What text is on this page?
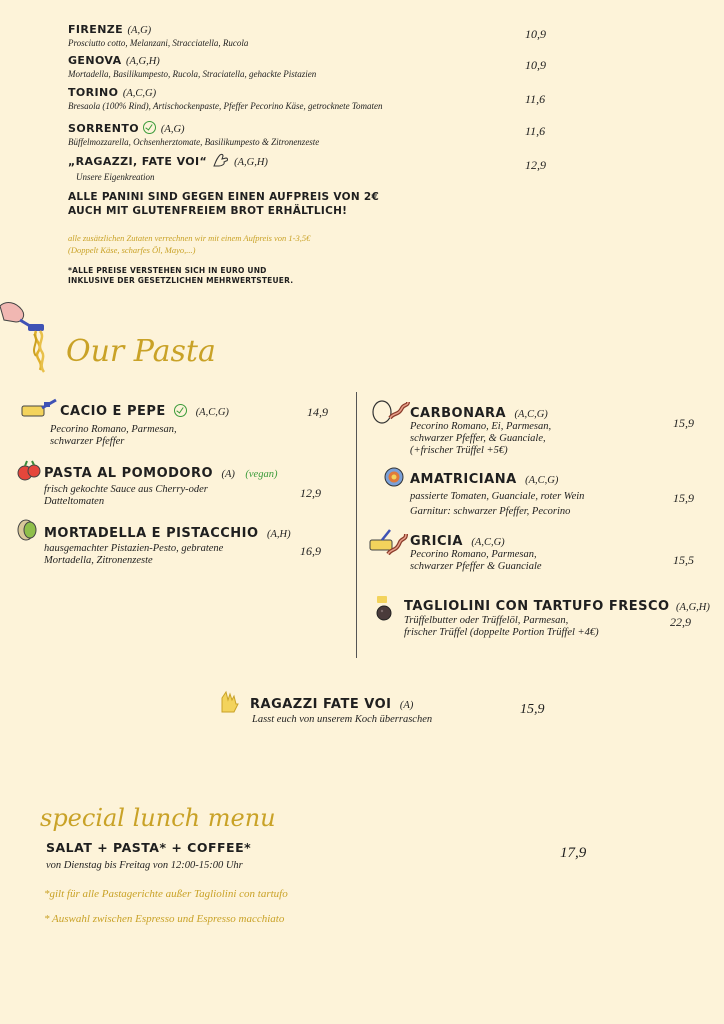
FIRENZE (A,G)
Prosciutto cotto, Melanzani, Stracciatella, Rucola
10,9
GENOVA (A,G,H)
Mortadella, Basilikumpesto, Rucola, Straciatella, gehackte Pistazien
10,9
TORINO (A,C,G)
Bresaola (100% Rind), Artischockenpaste, Pfeffer Pecorino Käse, getrocknete Tomaten	11,6
SORRENTO (A,G)
Büffelmozzarella, Ochsenherztomate, Basilikumpesto & Zitronenzeste
11,6
„RAGAZZI, FATE VOI“	(A,G,H)
Unsere Eigenkreation
12,9
ALLE PANINI SIND GEGEN EINEN AUFPREIS VON 2€
AUCH MIT GLUTENFREIEM BROT ERHÄLTLICH!
alle zusätzlichen Zutaten verrechnen wir mit einem Aufpreis von 1-3,5€
(Doppelt Käse, scharfes Öl, Mayo,...)
*ALLE PREISE VERSTEHEN SICH IN EURO UND
INKLUSIVE DER GESETZLICHEN MEHRWERTSTEUER.
Our Pasta
CACIO E PEPE	(A,C,G)
Pecorino Romano, Parmesan,
schwarzer Pfeffer
14,9
PASTA AL POMODORO (A) (vegan)
frisch gekochte Sauce aus Cherry-oder
Datteltomaten
12,9
MORTADELLA E PISTACCHIO (A,H)
hausgemachter Pistazien-Pesto, gebratene
Mortadella, Zitronenzeste
16,9
CARBONARA (A,C,G)
Pecorino Romano, Ei, Parmesan,
schwarzer Pfeffer, & Guanciale,
(+frischer Trüffel +5€)
15,9
AMATRICIANA (A,C,G)
passierte Tomaten, Guanciale, roter Wein
Garnitur: schwarzer Pfeffer, Pecorino
15,9
GRICIA (A,C,G)
Pecorino Romano, Parmesan,
schwarzer Pfeffer & Guanciale	15,5
TAGLIOLINI CON TARTUFO FRESCO (A,G,H)
Trüffelbutter oder Trüffelöl, Parmesan,
frischer Trüffel (doppelte Portion Trüffel +4€)
22,9
RAGAZZI FATE VOI (A)
Lasst euch von unserem Koch überraschen
15,9
special lunch menu
SALAT + PASTA* + COFFEE*
von Dienstag bis Freitag von 12:00-15:00 Uhr
17,9
*gilt für alle Pastagerichte außer Tagliolini con tartufo
* Auswahl zwischen Espresso und Espresso macchiato
